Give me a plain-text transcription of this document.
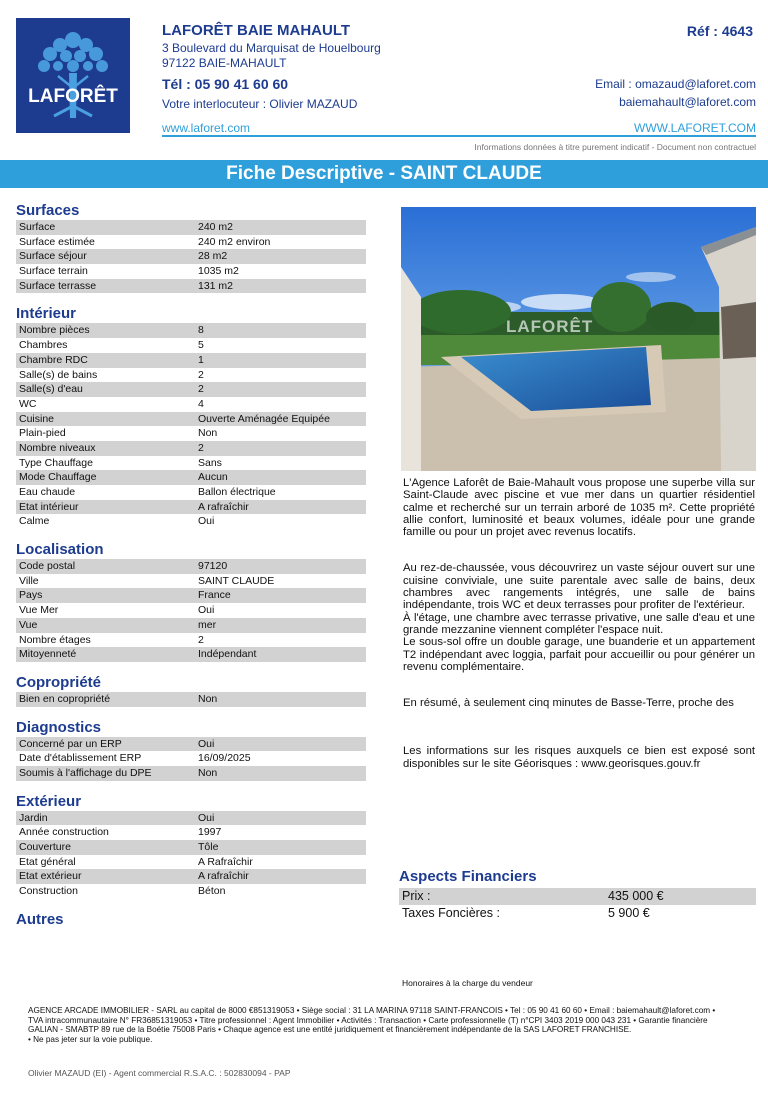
LAFORÊT
LAFORÊT BAIE MAHAULT
3 Boulevard du Marquisat de Houelbourg
97122 BAIE-MAHAULT
Tél : 05 90 41 60 60
Votre interlocuteur : Olivier MAZAUD
www.laforet.com
Réf : 4643
Email : omazaud@laforet.com
baiemahault@laforet.com
WWW.LAFORET.COM
Informations données à titre purement indicatif - Document non contractuel
Fiche Descriptive - SAINT CLAUDE
Surfaces
Surface	240 m2
Surface estimée	240 m2 environ
Surface séjour	28 m2
Surface terrain	1035 m2
Surface terrasse	131 m2
Intérieur
Nombre pièces	8
Chambres	5
Chambre RDC	1
Salle(s) de bains	2
Salle(s) d'eau	2
WC	4
Cuisine	Ouverte Aménagée Equipée
Plain-pied	Non
Nombre niveaux	2
Type Chauffage	Sans
Mode Chauffage	Aucun
Eau chaude	Ballon électrique
Etat intérieur	A rafraîchir
Calme	Oui
Localisation
Code postal	97120
Ville	SAINT CLAUDE
Pays	France
Vue Mer	Oui
Vue	mer
Nombre étages	2
Mitoyenneté	Indépendant
Copropriété
Bien en copropriété	Non
Diagnostics
Concerné par un ERP	Oui
Date d'établissement ERP	16/09/2025
Soumis à l'affichage du DPE	Non
Extérieur
Jardin	Oui
Année construction	1997
Couverture	Tôle
Etat général	A Rafraîchir
Etat extérieur	A rafraîchir
Construction	Béton
Autres
LAFORÊT

L'Agence Laforêt de Baie-Mahault vous propose une superbe villa sur Saint-Claude avec piscine et vue mer dans un quartier résidentiel calme et recherché sur un terrain arboré de 1035 m². Cette propriété allie confort, luminosité et beaux volumes, idéale pour une grande famille ou pour un projet avec revenus locatifs.

Au rez-de-chaussée, vous découvrirez un vaste séjour ouvert sur une cuisine conviviale, une suite parentale avec salle de bains, deux chambres avec rangements intégrés, une salle de bains indépendante, trois WC et deux terrasses pour profiter de l'extérieur.

À l'étage, une chambre avec terrasse privative, une salle d'eau et une grande mezzanine viennent compléter l'espace nuit.

Le sous-sol offre un double garage, une buanderie et un appartement T2 indépendant avec loggia, parfait pour accueillir ou pour générer un revenu complémentaire.

En résumé, à seulement cinq minutes de Basse-Terre, proche des

Les informations sur les risques auxquels ce bien est exposé sont disponibles sur le site Géorisques : www.georisques.gouv.fr

Aspects Financiers
Prix :	435 000 €
Taxes Foncières :	5 900 €
Honoraires à la charge du vendeur
AGENCE ARCADE IMMOBILIER - SARL au capital de 8000 €851319053 • Siège social : 31 LA MARINA 97118 SAINT-FRANCOIS • Tel : 05 90 41 60 60 • Email : baiemahault@laforet.com • TVA intracommunautaire N° FR36851319053 • Titre professionnel : Agent Immobilier • Activités : Transaction • Carte professionnelle (T) n°CPI 3403 2019 000 043 231 • Garantie financière GALIAN - SMABTP 89 rue de la Boétie 75008 Paris • Chaque agence est une entité juridiquement et financièrement indépendante de la SAS LAFORET FRANCHISE.
• Ne pas jeter sur la voie publique.
Olivier MAZAUD (EI) - Agent commercial R.S.A.C. : 502830094 - PAP
